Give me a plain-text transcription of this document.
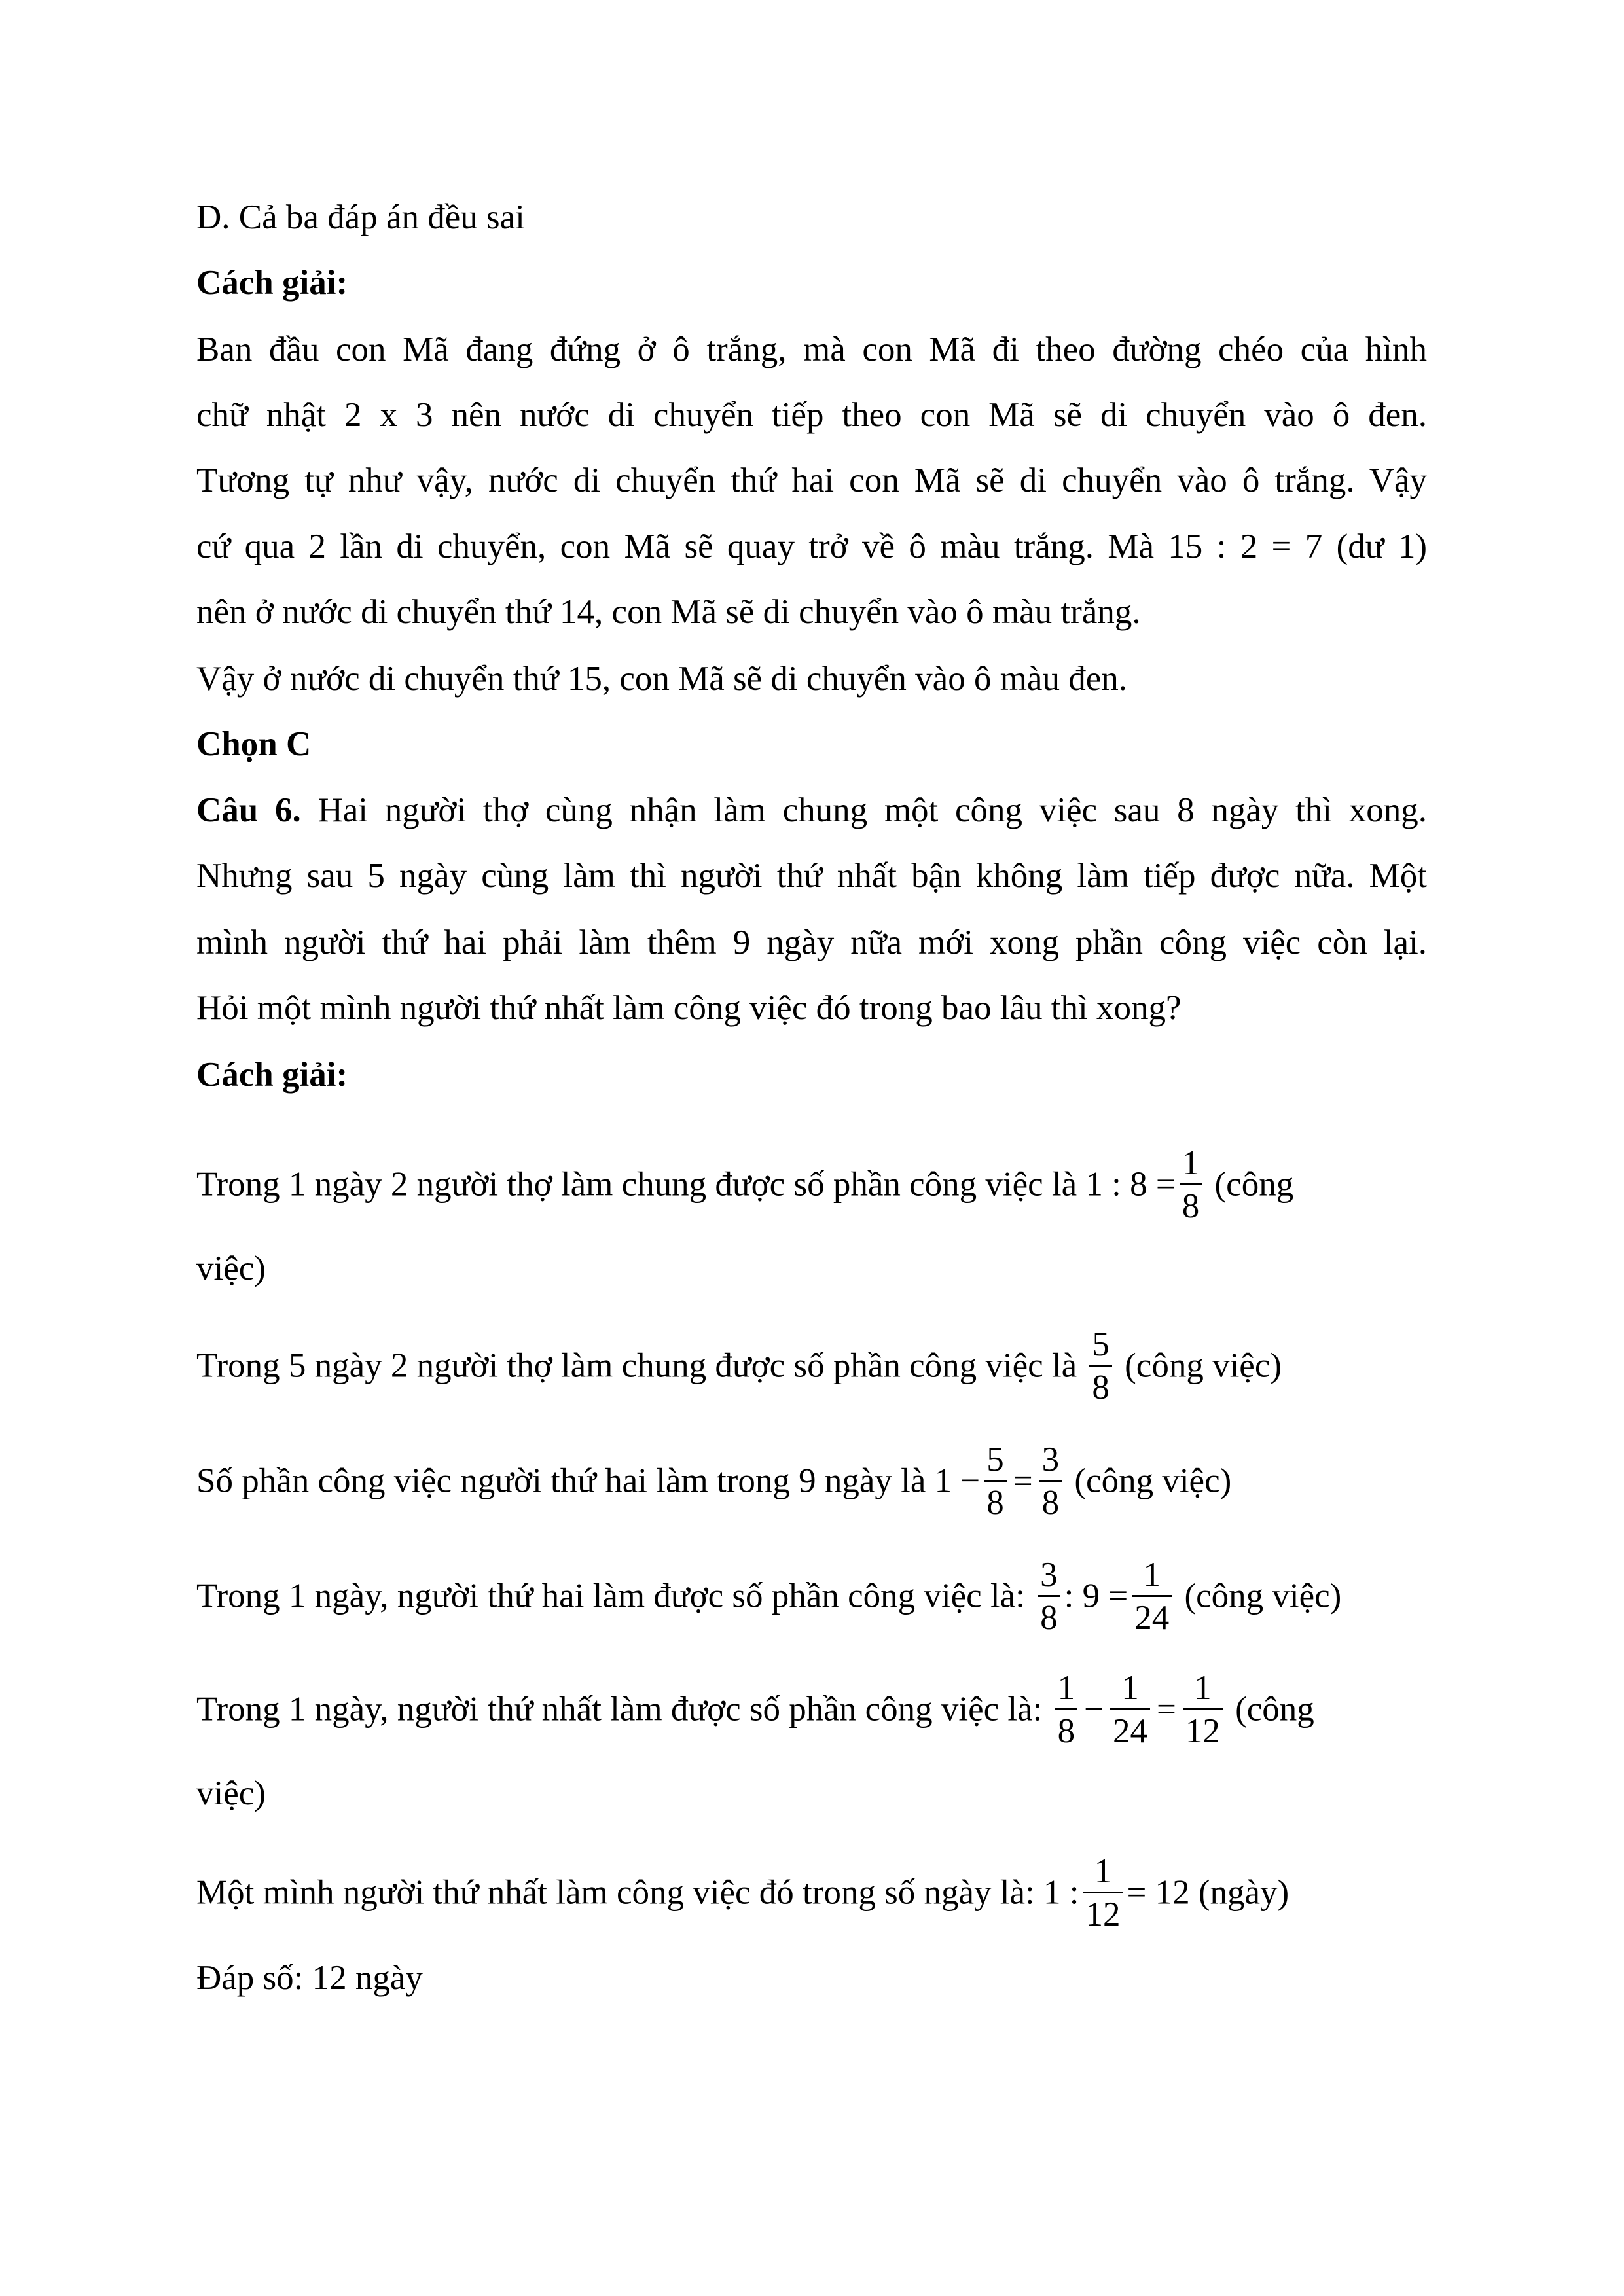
D. Cả ba đáp án đều sai
Cách giải:
Ban đầu con Mã đang đứng ở ô trắng, mà con Mã đi theo đường chéo của hình
chữ nhật 2 x 3 nên nước di chuyển tiếp theo con Mã sẽ di chuyển vào ô đen.
Tương tự như vậy, nước di chuyển thứ hai con Mã sẽ di chuyển vào ô trắng. Vậy
cứ qua 2 lần di chuyển, con Mã sẽ quay trở về ô màu trắng. Mà 15 : 2 = 7 (dư 1)
nên ở nước di chuyển thứ 14, con Mã sẽ di chuyển vào ô màu trắng.
Vậy ở nước di chuyển thứ 15, con Mã sẽ di chuyển vào ô màu đen.
Chọn C
Câu 6. Hai người thợ cùng nhận làm chung một công việc sau 8 ngày thì xong.
Nhưng sau 5 ngày cùng làm thì người thứ nhất bận không làm tiếp được nữa. Một
mình người thứ hai phải làm thêm 9 ngày nữa mới xong phần công việc còn lại.
Hỏi một mình người thứ nhất làm công việc đó trong bao lâu thì xong?
Cách giải:
Trong 1 ngày 2 người thợ làm chung được số phần công việc là 1 : $8 = \frac{1}{8}$ (công
việc)
Trong 5 ngày 2 người thợ làm chung được số phần công việc là $\frac{5}{8}$ (công việc)
Số phần công việc người thứ hai làm trong 9 ngày là $1 - \frac{5}{8} = \frac{3}{8}$ (công việc)
Trong 1 ngày, người thứ hai làm được số phần công việc là: $\frac{3}{8}$ : $9 = \frac{1}{24}$ (công việc)
Trong 1 ngày, người thứ nhất làm được số phần công việc là: $\frac{1}{8} - \frac{1}{24} = \frac{1}{12}$ (công
việc)
Một mình người thứ nhất làm công việc đó trong số ngày là: 1 : $\frac{1}{12} = 12$ (ngày)
Đáp số: 12 ngày
